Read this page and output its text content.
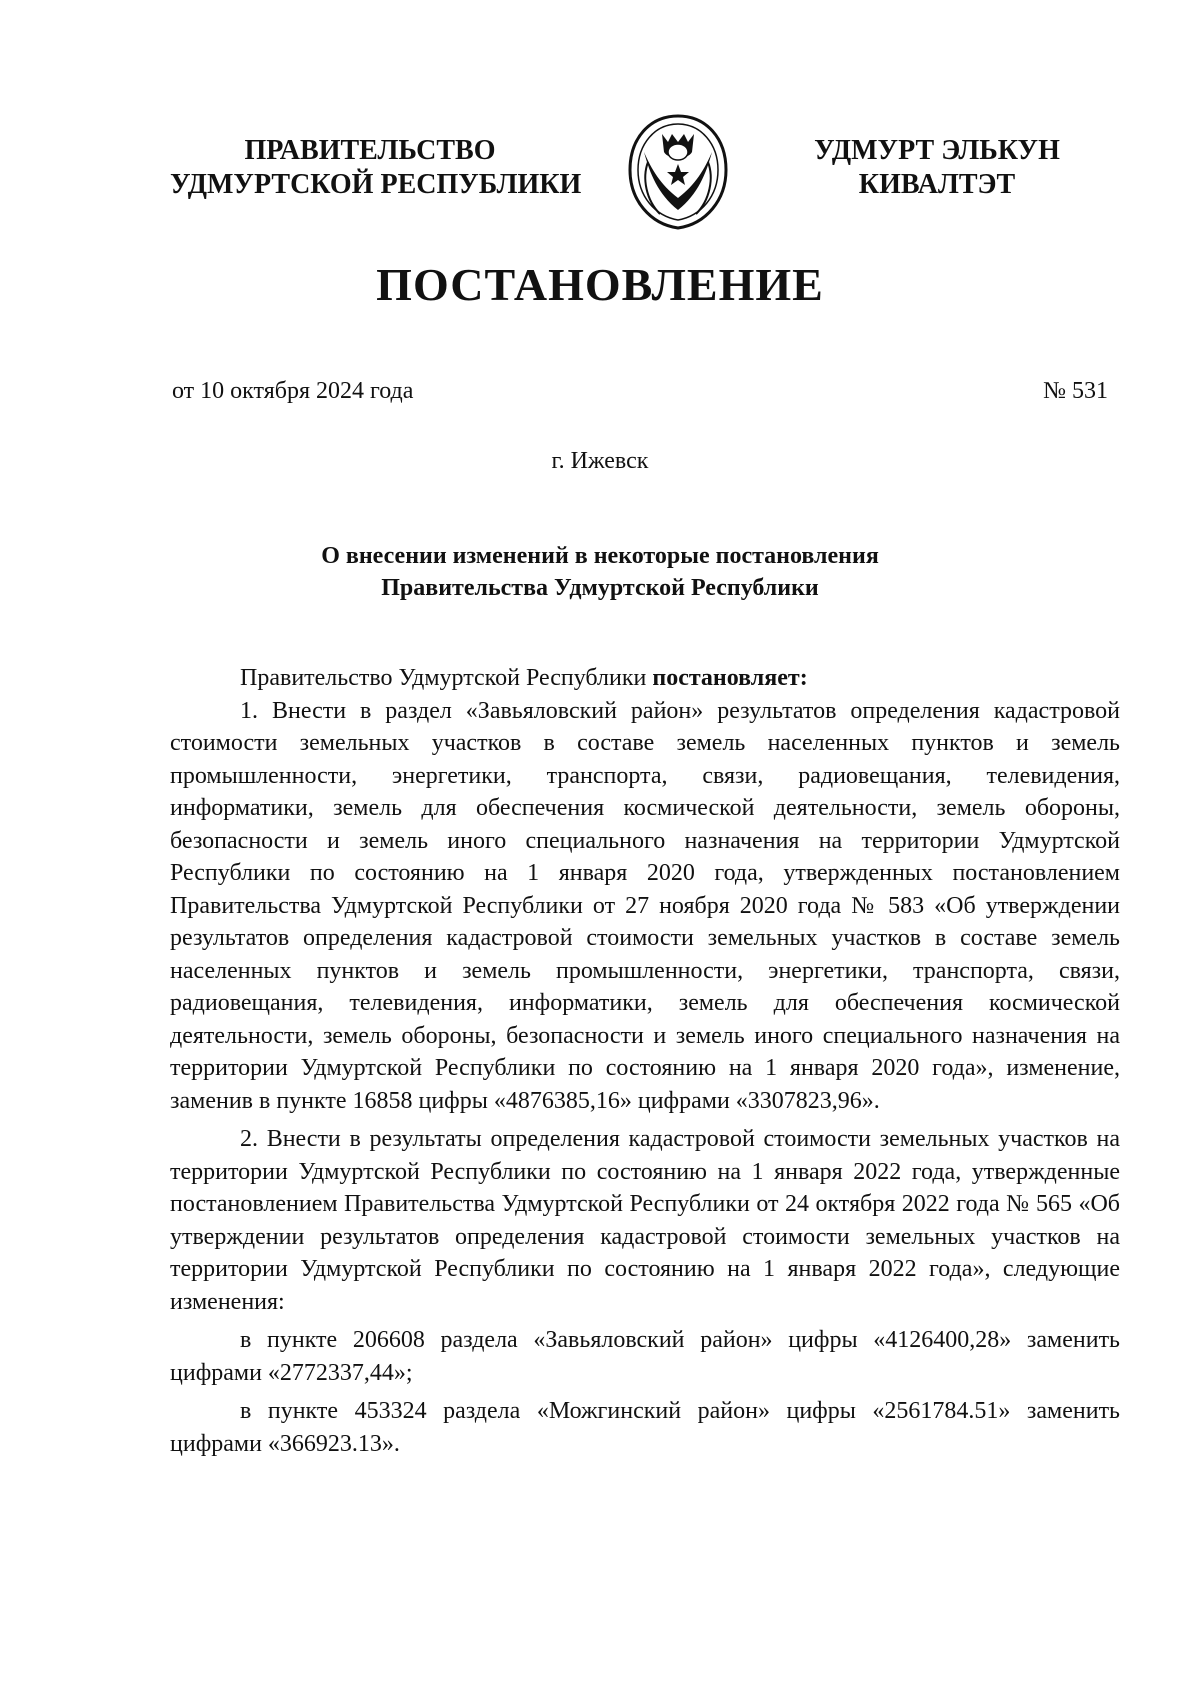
ПРАВИТЕЛЬСТВО
УДМУРТСКОЙ РЕСПУБЛИКИ
УДМУРТ ЭЛЬКУН
КИВАЛТЭТ
ПОСТАНОВЛЕНИЕ
от 10 октября 2024 года	№ 531
г. Ижевск
О внесении изменений в некоторые постановления
Правительства Удмуртской Республики

Правительство Удмуртской Республики постановляет:

1. Внести в раздел «Завьяловский район» результатов определения кадастровой стоимости земельных участков в составе земель населенных пунктов и земель промышленности, энергетики, транспорта, связи, радиовещания, телевидения, информатики, земель для обеспечения космической деятельности, земель обороны, безопасности и земель иного специального назначения на территории Удмуртской Республики по состоянию на 1 января 2020 года, утвержденных постановлением Правительства Удмуртской Республики от 27 ноября 2020 года № 583 «Об утверждении результатов определения кадастровой стоимости земельных участков в составе земель населенных пунктов и земель промышленности, энергетики, транспорта, связи, радиовещания, телевидения, информатики, земель для обеспечения космической деятельности, земель обороны, безопасности и земель иного специального назначения на территории Удмуртской Республики по состоянию на 1 января 2020 года», изменение, заменив в пункте 16858 цифры «4876385,16» цифрами «3307823,96».

2. Внести в результаты определения кадастровой стоимости земельных участков на территории Удмуртской Республики по состоянию на 1 января 2022 года, утвержденные постановлением Правительства Удмуртской Республики от 24 октября 2022 года № 565 «Об утверждении результатов определения кадастровой стоимости земельных участков на территории Удмуртской Республики по состоянию на 1 января 2022 года», следующие изменения:

в пункте 206608 раздела «Завьяловский район» цифры «4126400,28» заменить цифрами «2772337,44»;

в пункте 453324 раздела «Можгинский район» цифры «2561784.51» заменить цифрами «366923.13».
